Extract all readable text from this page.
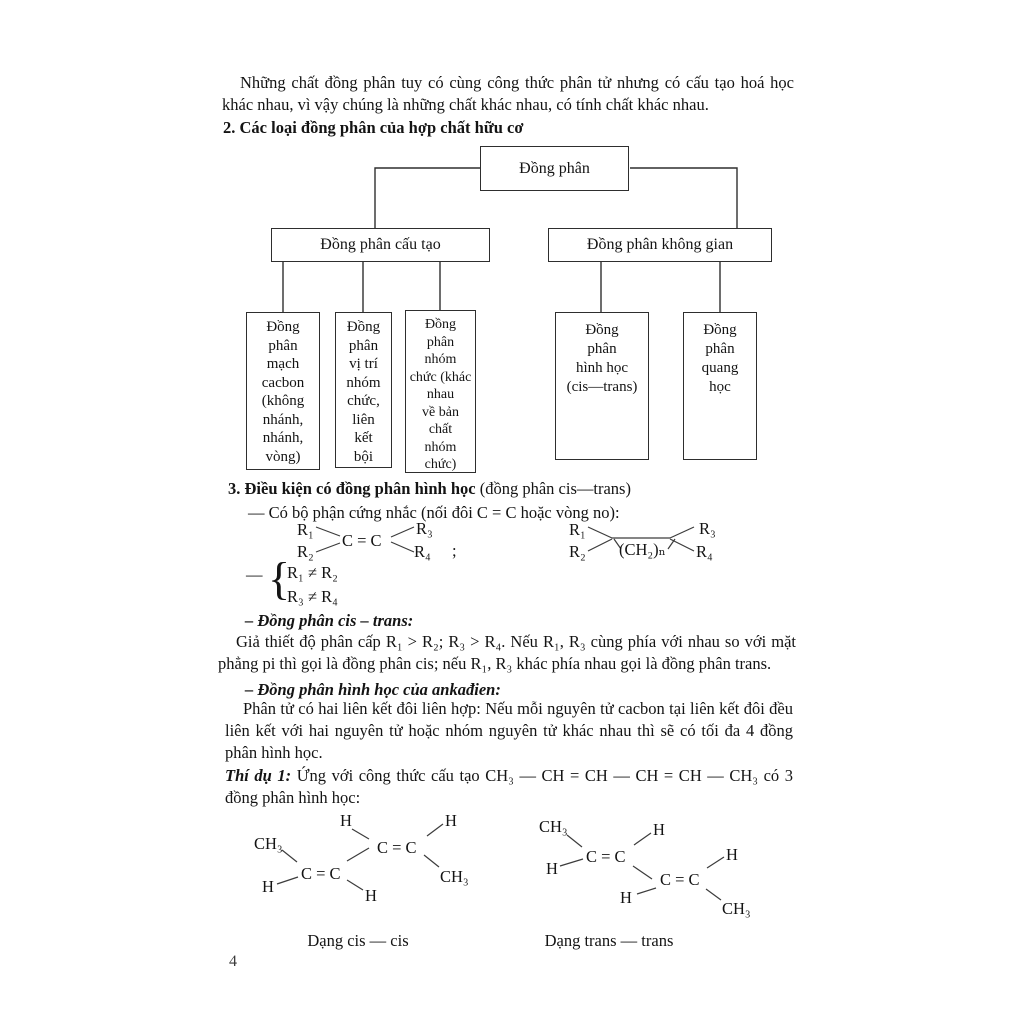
Những chất đồng phân tuy có cùng công thức phân tử nhưng có cấu tạo hoá học khác nhau, vì vậy chúng là những chất khác nhau, có tính chất khác nhau.
2. Các loại đồng phân của hợp chất hữu cơ
Đồng phân
Đồng phân cấu tạo	Đồng phân không gian
Đồng
phân
mạch
cacbon
(không
nhánh,
nhánh,
vòng)
Đồng
phân
vị trí
nhóm
chức,
liên
kết
bội
Đồng
phân
nhóm
chức (khác
nhau
về bản
chất
nhóm
chức)
Đồng
phân
hình học
(cis—trans)
Đồng
phân
quang
học
3. Điều kiện có đồng phân hình học (đồng phân cis—trans)
— Có bộ phận cứng nhắc (nối đôi C = C hoặc vòng no):
R₁
R₂
C = C
R₃
R₄ ;
R₁
R₂ (CH₂)ₙ
R₃
R₄
— {
R₁ ≠ R₂
R₃ ≠ R₄
– Đồng phân cis – trans:
Giả thiết độ phân cấp R₁ > R₂; R₃ > R₄. Nếu R₁, R₃ cùng phía với nhau so với mặt phẳng pi thì gọi là đồng phân cis; nếu R₁, R₃ khác phía nhau gọi là đồng phân trans.
– Đồng phân hình học của ankađien:
Phân tử có hai liên kết đôi liên hợp: Nếu mỗi nguyên tử cacbon tại liên kết đôi đều liên kết với hai nguyên tử hoặc nhóm nguyên tử khác nhau thì sẽ có tối đa 4 đồng phân hình học.
Thí dụ 1: Ứng với công thức cấu tạo CH₃ — CH = CH — CH = CH — CH₃ có 3 đồng phân hình học:
CH₃
H
C = C
H
H
C = C
H
CH₃
CH₃
H
C = C
H
H
C = C
H
CH₃
Dạng cis — cis	Dạng trans — trans
4
